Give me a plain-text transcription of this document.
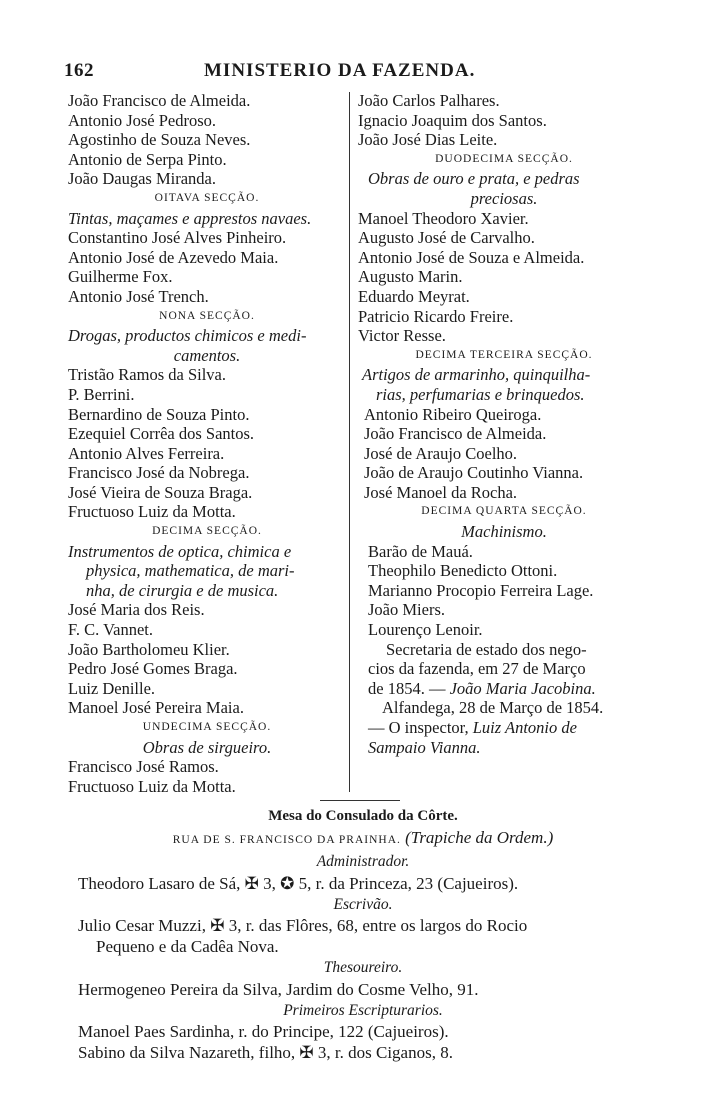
162	MINISTERIO DA FAZENDA.
João Francisco de Almeida.
Antonio José Pedroso.
Agostinho de Souza Neves.
Antonio de Serpa Pinto.
João Daugas Miranda.
OITAVA SECÇÃO.
Tintas, maçames e apprestos navaes.
Constantino José Alves Pinheiro.
Antonio José de Azevedo Maia.
Guilherme Fox.
Antonio José Trench.
NONA SECÇÃO.
Drogas, productos chimicos e medi-
camentos.
Tristão Ramos da Silva.
P. Berrini.
Bernardino de Souza Pinto.
Ezequiel Corrêa dos Santos.
Antonio Alves Ferreira.
Francisco José da Nobrega.
José Vieira de Souza Braga.
Fructuoso Luiz da Motta.
DECIMA SECÇÃO.
Instrumentos de optica, chimica e
physica, mathematica, de mari-
nha, de cirurgia e de musica.
José Maria dos Reis.
F. C. Vannet.
João Bartholomeu Klier.
Pedro José Gomes Braga.
Luiz Denille.
Manoel José Pereira Maia.
UNDECIMA SECÇÃO.
Obras de sirgueiro.
Francisco José Ramos.
Fructuoso Luiz da Motta.
João Carlos Palhares.
Ignacio Joaquim dos Santos.
João José Dias Leite.
DUODECIMA SECÇÃO.
Obras de ouro e prata, e pedras
preciosas.
Manoel Theodoro Xavier.
Augusto José de Carvalho.
Antonio José de Souza e Almeida.
Augusto Marin.
Eduardo Meyrat.
Patricio Ricardo Freire.
Victor Resse.
DECIMA TERCEIRA SECÇÃO.
Artigos de armarinho, quinquilha-
rias, perfumarias e brinquedos.
Antonio Ribeiro Queiroga.
João Francisco de Almeida.
José de Araujo Coelho.
João de Araujo Coutinho Vianna.
José Manoel da Rocha.
DECIMA QUARTA SECÇÃO.
Machinismo.
Barão de Mauá.
Theophilo Benedicto Ottoni.
Marianno Procopio Ferreira Lage.
João Miers.
Lourenço Lenoir.
Secretaria de estado dos nego-
cios da fazenda, em 27 de Março
de 1854. — João Maria Jacobina.
Alfandega, 28 de Março de 1854.
— O inspector, Luiz Antonio de
Sampaio Vianna.
Mesa do Consulado da Côrte.
RUA DE S. FRANCISCO DA PRAINHA. (Trapiche da Ordem.)
Administrador.
Theodoro Lasaro de Sá, ✠ 3, ✪ 5, r. da Princeza, 23 (Cajueiros).
Escrivão.
Julio Cesar Muzzi, ✠ 3, r. das Flôres, 68, entre os largos do Rocio
Pequeno e da Cadêa Nova.
Thesoureiro.
Hermogeneo Pereira da Silva, Jardim do Cosme Velho, 91.
Primeiros Escripturarios.
Manoel Paes Sardinha, r. do Principe, 122 (Cajueiros).
Sabino da Silva Nazareth, filho, ✠ 3, r. dos Ciganos, 8.
